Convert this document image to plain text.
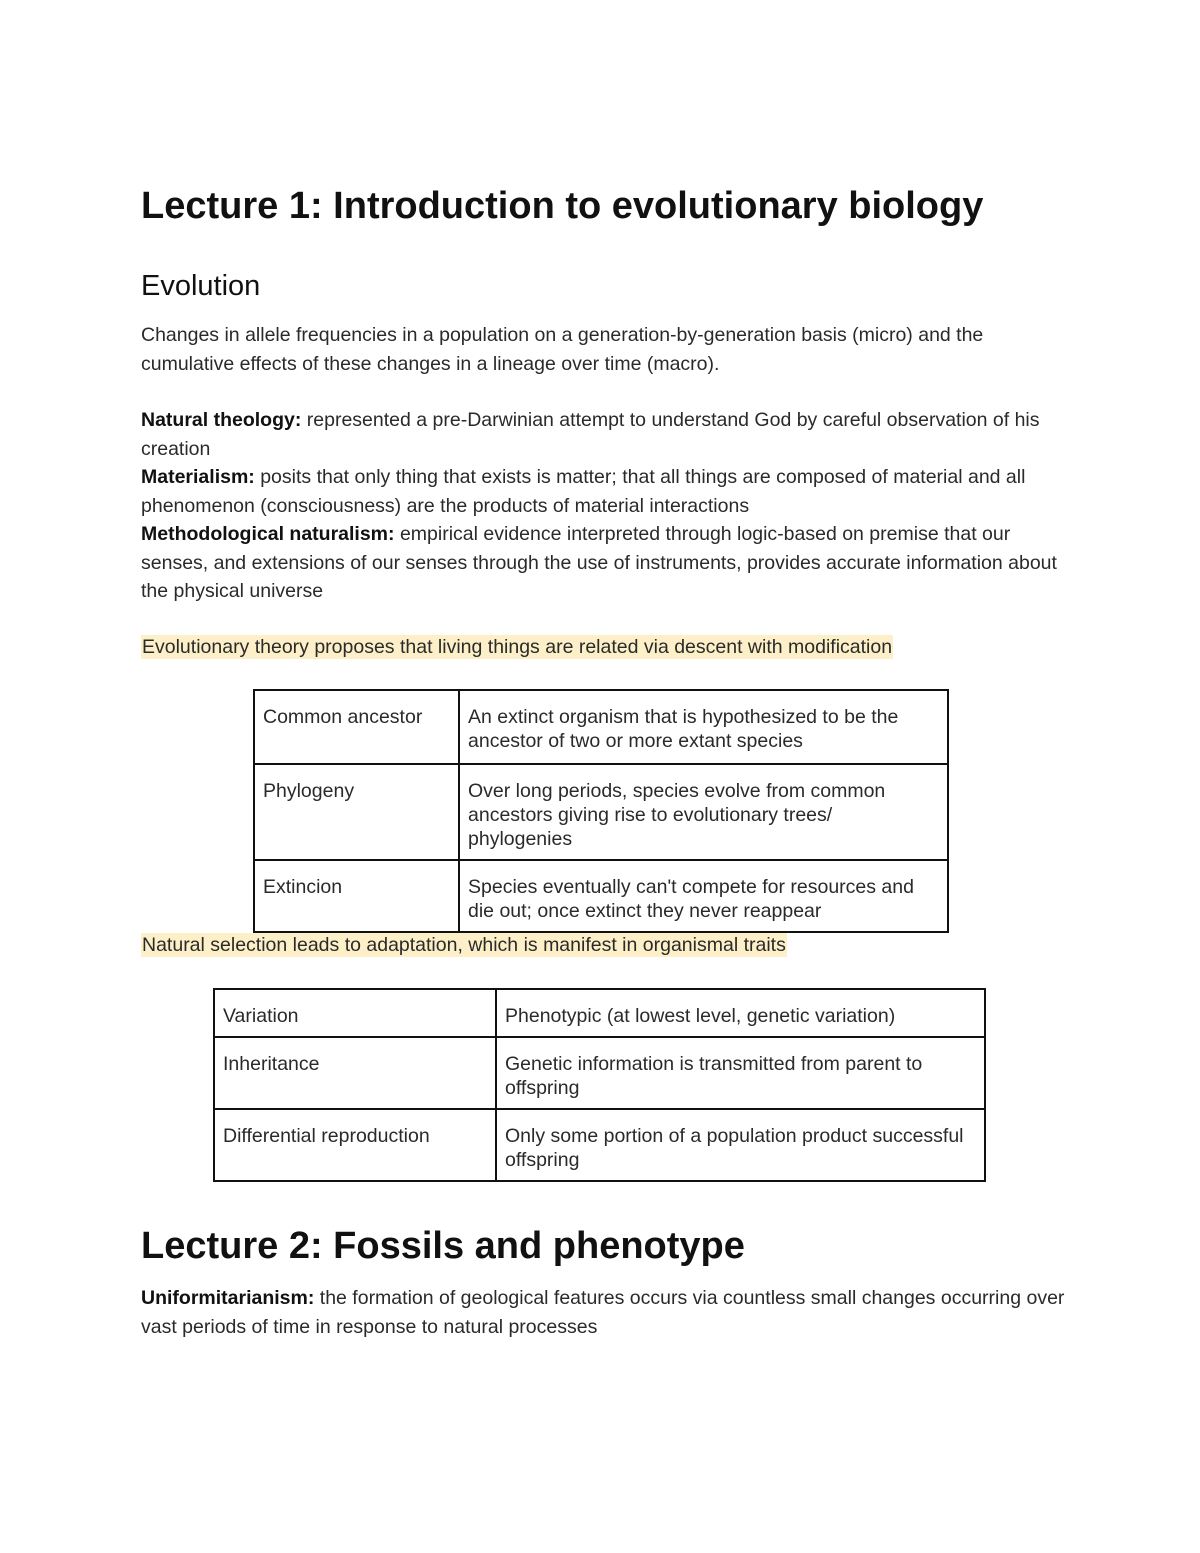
Lecture 1: Introduction to evolutionary biology
Evolution

Changes in allele frequencies in a population on a generation-by-generation basis (micro) and the cumulative effects of these changes in a lineage over time (macro).

Natural theology: represented a pre-Darwinian attempt to understand God by careful observation of his creation

Materialism: posits that only thing that exists is matter; that all things are composed of material and all phenomenon (consciousness) are the products of material interactions

Methodological naturalism: empirical evidence interpreted through logic-based on premise that our senses, and extensions of our senses through the use of instruments, provides accurate information about the physical universe

Evolutionary theory proposes that living things are related via descent with modification
Common ancestor	An extinct organism that is hypothesized to be the ancestor of two or more extant species
Phylogeny	Over long periods, species evolve from common ancestors giving rise to evolutionary trees/ phylogenies
Extincion	Species eventually can't compete for resources and die out; once extinct they never reappear
Natural selection leads to adaptation, which is manifest in organismal traits
Variation	Phenotypic (at lowest level, genetic variation)
Inheritance	Genetic information is transmitted from parent to offspring
Differential reproduction	Only some portion of a population product successful offspring
Lecture 2: Fossils and phenotype

Uniformitarianism: the formation of geological features occurs via countless small changes occurring over vast periods of time in response to natural processes
